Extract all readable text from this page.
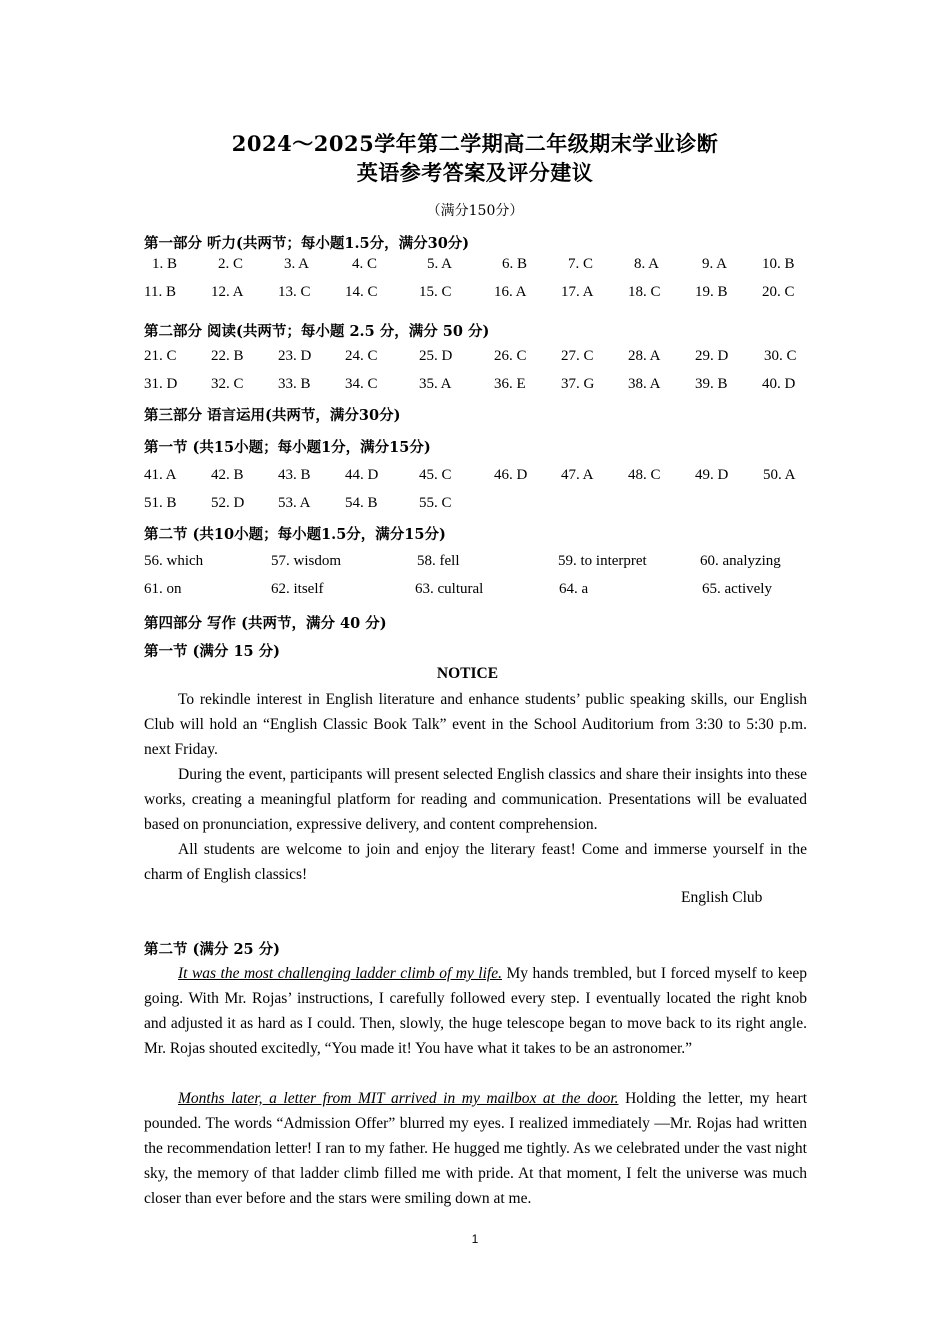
2024～2025学年第二学期高二年级期末学业诊断
英语参考答案及评分建议
（满分150分）
第一部分 听力(共两节；每小题1.5分，满分30分)
1. B	2. C	3. A	4. C	5. A	6. B	7. C	8. A	9. A 10. B
11. B 12. A 13. C 14. C	15. C	16. A 17. A 18. C 19. B 20. C
第二部分 阅读(共两节；每小题 2.5 分，满分 50 分)
21. C 22. B 23. D 24. C	25. D	26. C 27. C 28. A 29. D 30. C
31. D 32. C 33. B 34. C	35. A	36. E 37. G 38. A 39. B 40. D
第三部分 语言运用(共两节，满分30分)
第一节 (共15小题；每小题1分，满分15分)
41. A 42. B 43. B 44. D	45. C	46. D 47. A 48. C 49. D 50. A
51. B 52. D 53. A 54. B	55. C
第二节 (共10小题；每小题1.5分，满分15分)
56. which	57. wisdom	58. fell	59. to interpret	60. analyzing
61. on	62. itself	63. cultural	64. a	65. actively
第四部分 写作 (共两节，满分 40 分)
第一节 (满分 15 分)
NOTICE

To rekindle interest in English literature and enhance students’ public speaking skills, our English Club will hold an “English Classic Book Talk” event in the School Auditorium from 3:30 to 5:30 p.m. next Friday.

During the event, participants will present selected English classics and share their insights into these works, creating a meaningful platform for reading and communication. Presentations will be evaluated based on pronunciation, expressive delivery, and content comprehension.

All students are welcome to join and enjoy the literary feast! Come and immerse yourself in the charm of English classics!

English Club
第二节 (满分 25 分)

It was the most challenging ladder climb of my life. My hands trembled, but I forced myself to keep going. With Mr. Rojas’ instructions, I carefully followed every step. I eventually located the right knob and adjusted it as hard as I could. Then, slowly, the huge telescope began to move back to its right angle. Mr. Rojas shouted excitedly, “You made it! You have what it takes to be an astronomer.”

Months later, a letter from MIT arrived in my mailbox at the door. Holding the letter, my heart pounded. The words “Admission Offer” blurred my eyes. I realized immediately —Mr. Rojas had written the recommendation letter! I ran to my father. He hugged me tightly. As we celebrated under the vast night sky, the memory of that ladder climb filled me with pride. At that moment, I felt the universe was much closer than ever before and the stars were smiling down at me.

1
